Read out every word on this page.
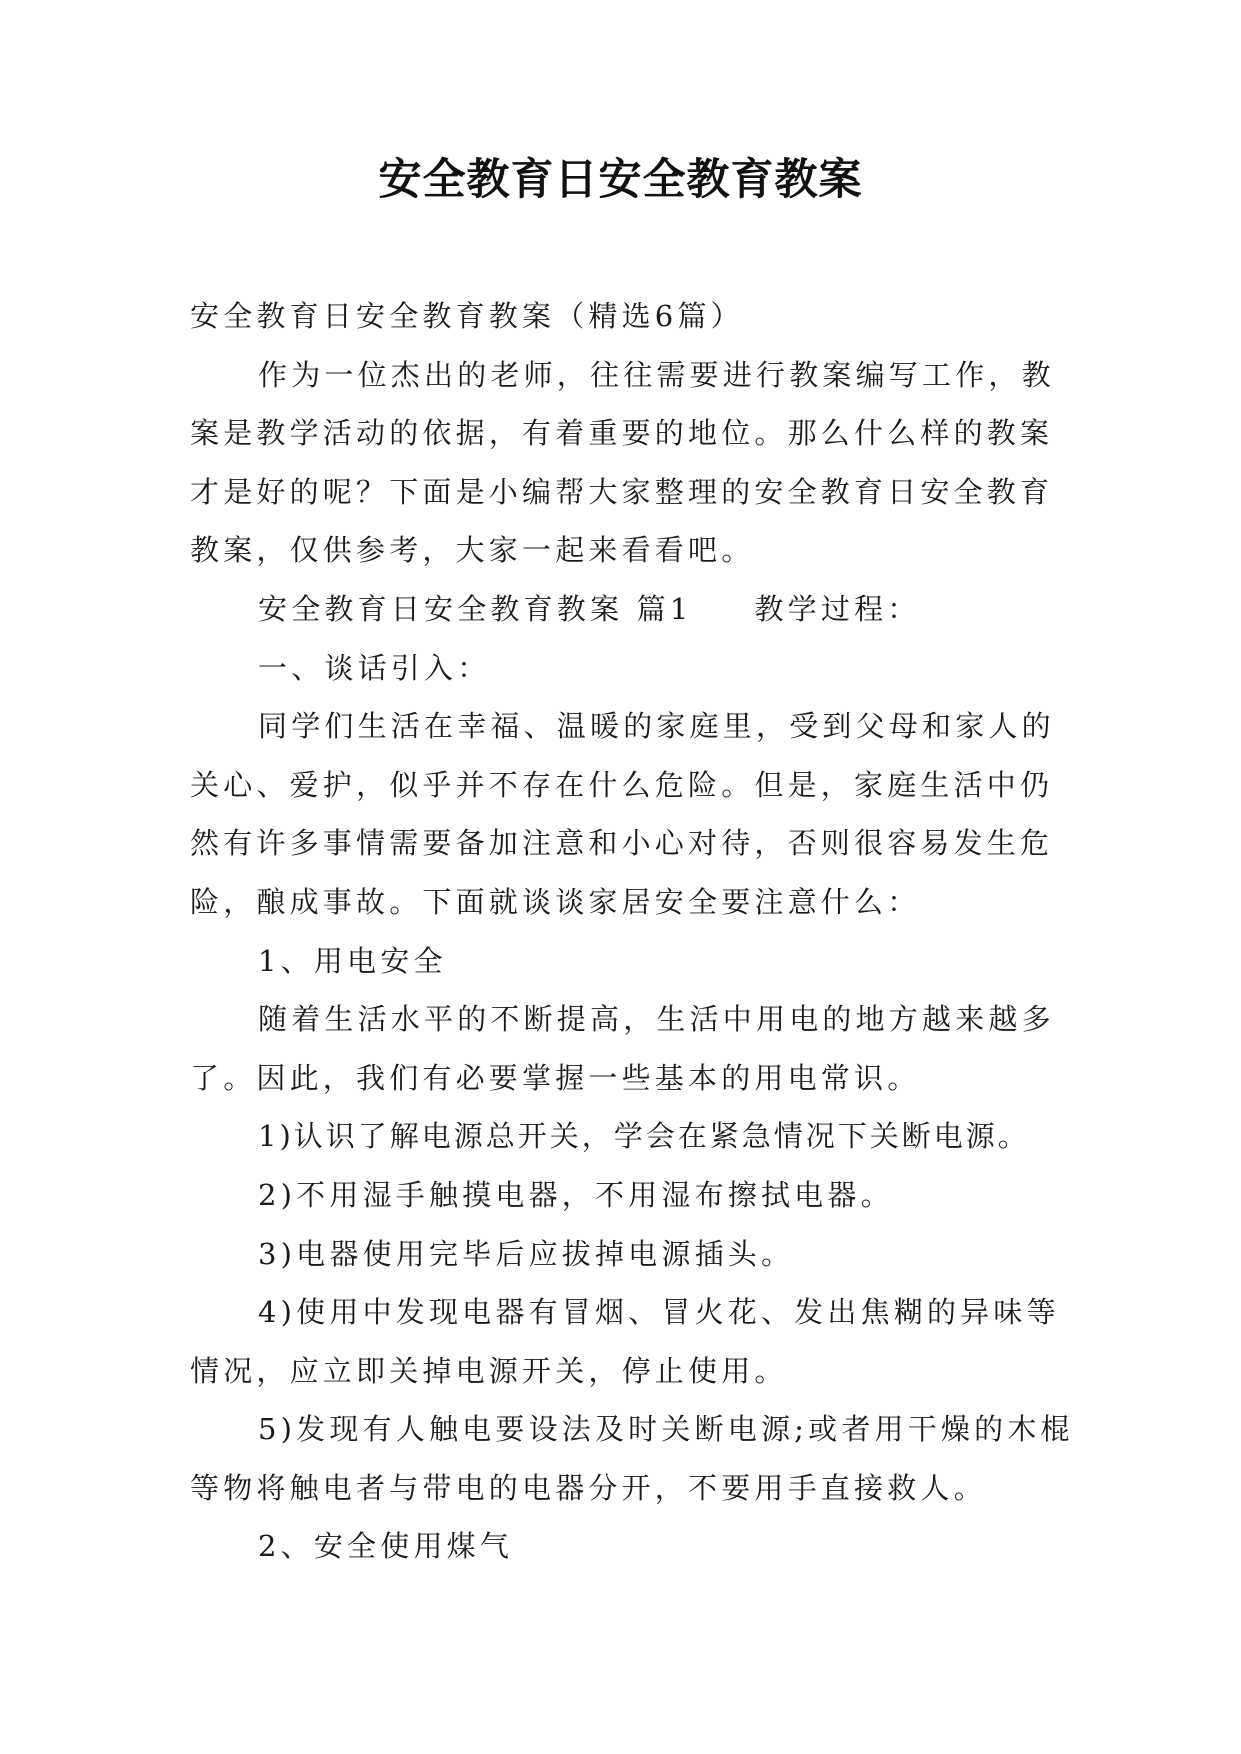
安全教育日安全教育教案

安全教育日安全教育教案（精选6篇）

作为一位杰出的老师，往往需要进行教案编写工作，教案是教学活动的依据，有着重要的地位。那么什么样的教案才是好的呢？下面是小编帮大家整理的安全教育日安全教育教案，仅供参考，大家一起来看看吧。

安全教育日安全教育教案 篇1 教学过程：

一、谈话引入：

同学们生活在幸福、温暖的家庭里，受到父母和家人的关心、爱护，似乎并不存在什么危险。但是，家庭生活中仍然有许多事情需要备加注意和小心对待，否则很容易发生危险，酿成事故。下面就谈谈家居安全要注意什么：

1、用电安全

随着生活水平的不断提高，生活中用电的地方越来越多了。因此，我们有必要掌握一些基本的用电常识。

1)认识了解电源总开关，学会在紧急情况下关断电源。

2)不用湿手触摸电器，不用湿布擦拭电器。

3)电器使用完毕后应拔掉电源插头。

4)使用中发现电器有冒烟、冒火花、发出焦糊的异味等情况，应立即关掉电源开关，停止使用。

5)发现有人触电要设法及时关断电源;或者用干燥的木棍等物将触电者与带电的电器分开，不要用手直接救人。

2、安全使用煤气
